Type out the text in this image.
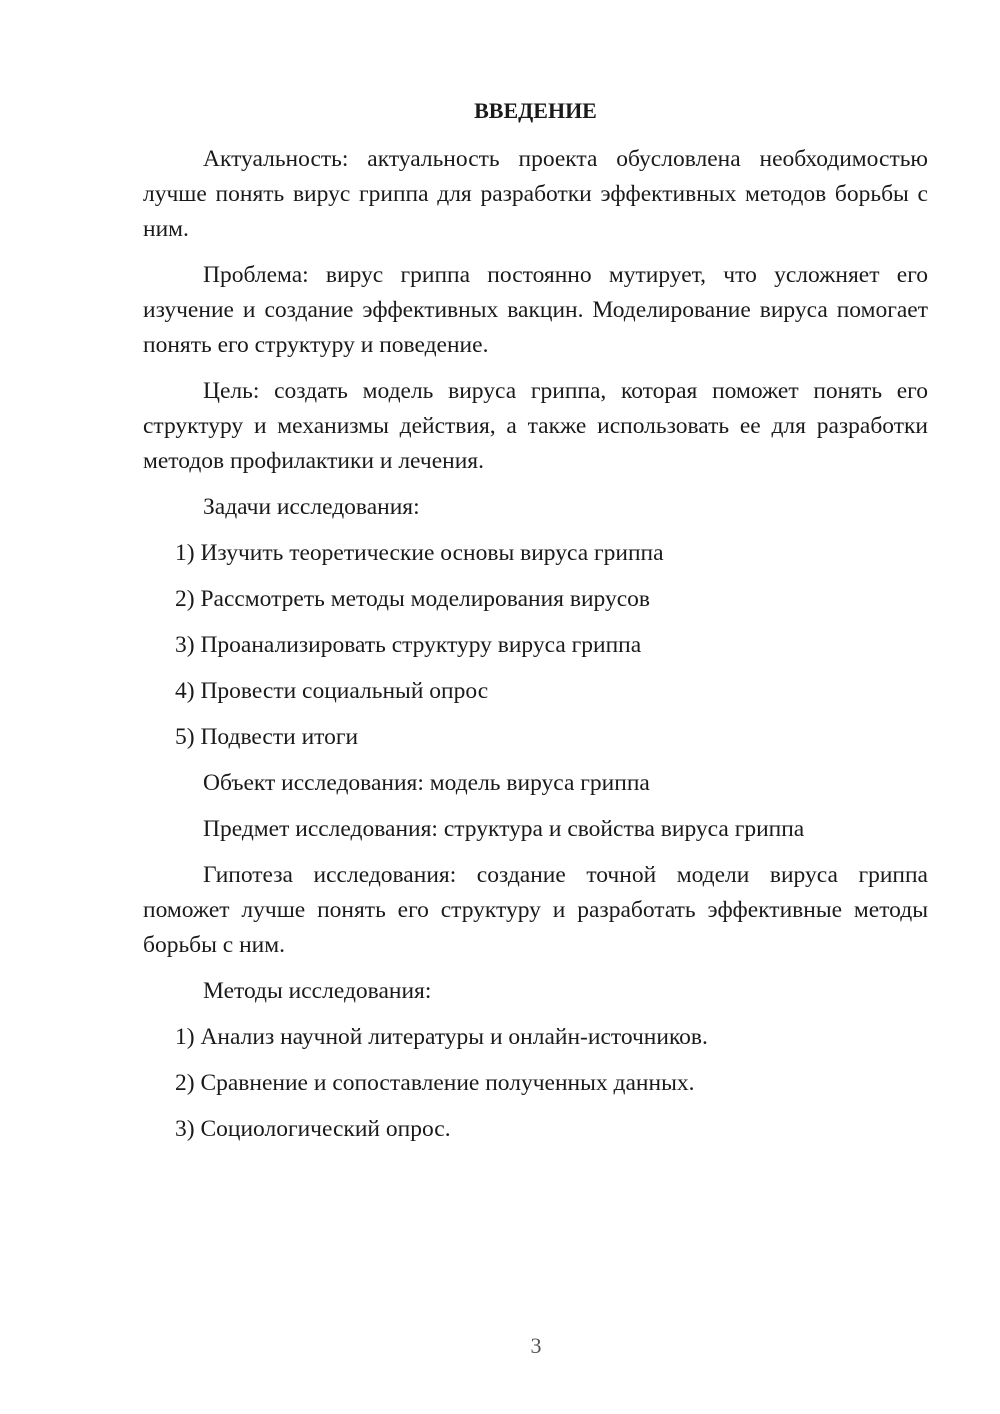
ВВЕДЕНИЕ

Актуальность: актуальность проекта обусловлена необходимостью лучше понять вирус гриппа для разработки эффективных методов борьбы с ним.

Проблема: вирус гриппа постоянно мутирует, что усложняет его изучение и создание эффективных вакцин. Моделирование вируса помогает понять его структуру и поведение.

Цель: создать модель вируса гриппа, которая поможет понять его структуру и механизмы действия, а также использовать ее для разработки методов профилактики и лечения.

Задачи исследования:
1) Изучить теоретические основы вируса гриппа
2) Рассмотреть методы моделирования вирусов
3) Проанализировать структуру вируса гриппа
4) Провести социальный опрос
5) Подвести итоги
Объект исследования: модель вируса гриппа
Предмет исследования: структура и свойства вируса гриппа

Гипотеза исследования: создание точной модели вируса гриппа поможет лучше понять его структуру и разработать эффективные методы борьбы с ним.

Методы исследования:
1) Анализ научной литературы и онлайн-источников.
2) Сравнение и сопоставление полученных данных.
3) Социологический опрос.
3
